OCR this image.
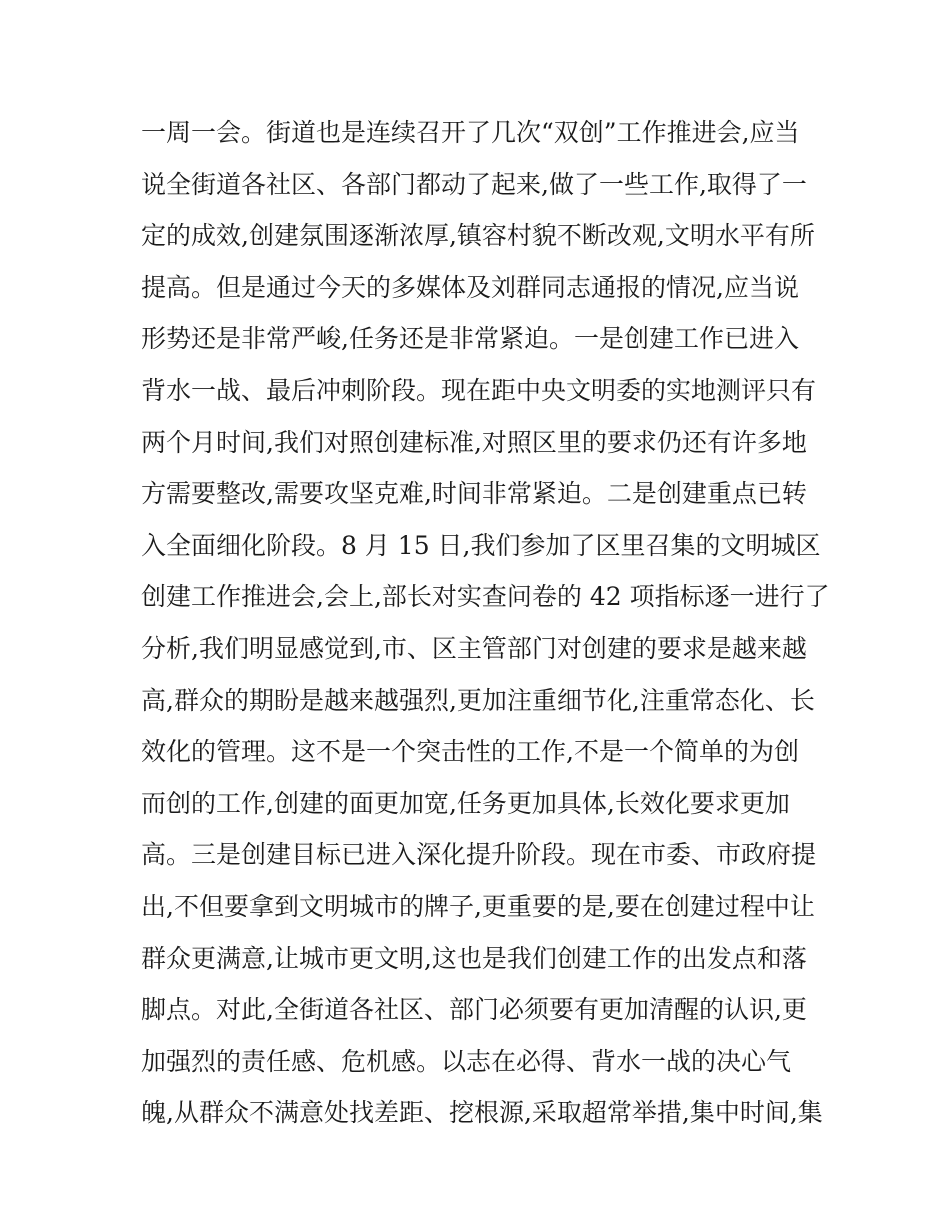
一周一会。街道也是连续召开了几次“双创”工作推进会,应当
说全街道各社区、各部门都动了起来,做了一些工作,取得了一
定的成效,创建氛围逐渐浓厚,镇容村貌不断改观,文明水平有所
提高。但是通过今天的多媒体及刘群同志通报的情况,应当说
形势还是非常严峻,任务还是非常紧迫。一是创建工作已进入
背水一战、最后冲刺阶段。现在距中央文明委的实地测评只有
两个月时间,我们对照创建标准,对照区里的要求仍还有许多地
方需要整改,需要攻坚克难,时间非常紧迫。二是创建重点已转
入全面细化阶段。8 月 15 日,我们参加了区里召集的文明城区
创建工作推进会,会上,部长对实查问卷的 42 项指标逐一进行了
分析,我们明显感觉到,市、区主管部门对创建的要求是越来越
高,群众的期盼是越来越强烈,更加注重细节化,注重常态化、长
效化的管理。这不是一个突击性的工作,不是一个简单的为创
而创的工作,创建的面更加宽,任务更加具体,长效化要求更加
高。三是创建目标已进入深化提升阶段。现在市委、市政府提
出,不但要拿到文明城市的牌子,更重要的是,要在创建过程中让
群众更满意,让城市更文明,这也是我们创建工作的出发点和落
脚点。对此,全街道各社区、部门必须要有更加清醒的认识,更
加强烈的责任感、危机感。以志在必得、背水一战的决心气
魄,从群众不满意处找差距、挖根源,采取超常举措,集中时间,集
